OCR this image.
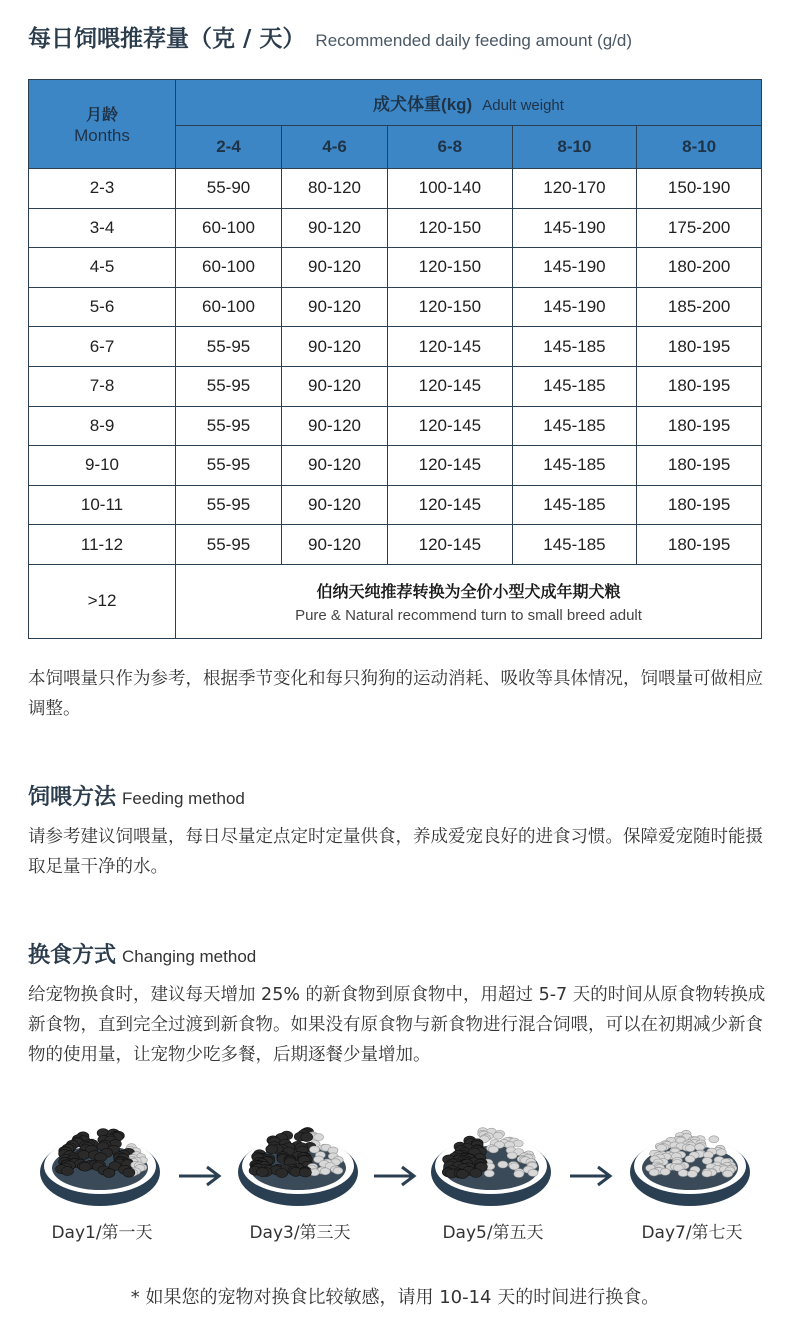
每日饲喂推荐量（克 / 天） Recommended daily feeding amount (g/d)
月龄
Months	成犬体重(kg) Adult weight				
	2-4	4-6	6-8	8-10	8-10
2-3	55-90	80-120	100-140	120-170	150-190
3-4	60-100	90-120	120-150	145-190	175-200
4-5	60-100	90-120	120-150	145-190	180-200
5-6	60-100	90-120	120-150	145-190	185-200
6-7	55-95	90-120	120-145	145-185	180-195
7-8	55-95	90-120	120-145	145-185	180-195
8-9	55-95	90-120	120-145	145-185	180-195
9-10	55-95	90-120	120-145	145-185	180-195
10-11	55-95	90-120	120-145	145-185	180-195
11-12	55-95	90-120	120-145	145-185	180-195
>12	伯纳天纯推荐转换为全价小型犬成年期犬粮
Pure & Natural recommend turn to small breed adult				
本饲喂量只作为参考，根据季节变化和每只狗狗的运动消耗、吸收等具体情况，饲喂量可做相应调整。
饲喂方法 Feeding method
请参考建议饲喂量，每日尽量定点定时定量供食，养成爱宠良好的进食习惯。保障爱宠随时能摄取足量干净的水。
换食方式 Changing method
给宠物换食时，建议每天增加 25% 的新食物到原食物中，用超过 5-7 天的时间从原食物转换成新食物，直到完全过渡到新食物。如果没有原食物与新食物进行混合饲喂，可以在初期减少新食物的使用量，让宠物少吃多餐，后期逐餐少量增加。
Day1/第一天	Day3/第三天	Day5/第五天	Day7/第七天
* 如果您的宠物对换食比较敏感，请用 10-14 天的时间进行换食。
